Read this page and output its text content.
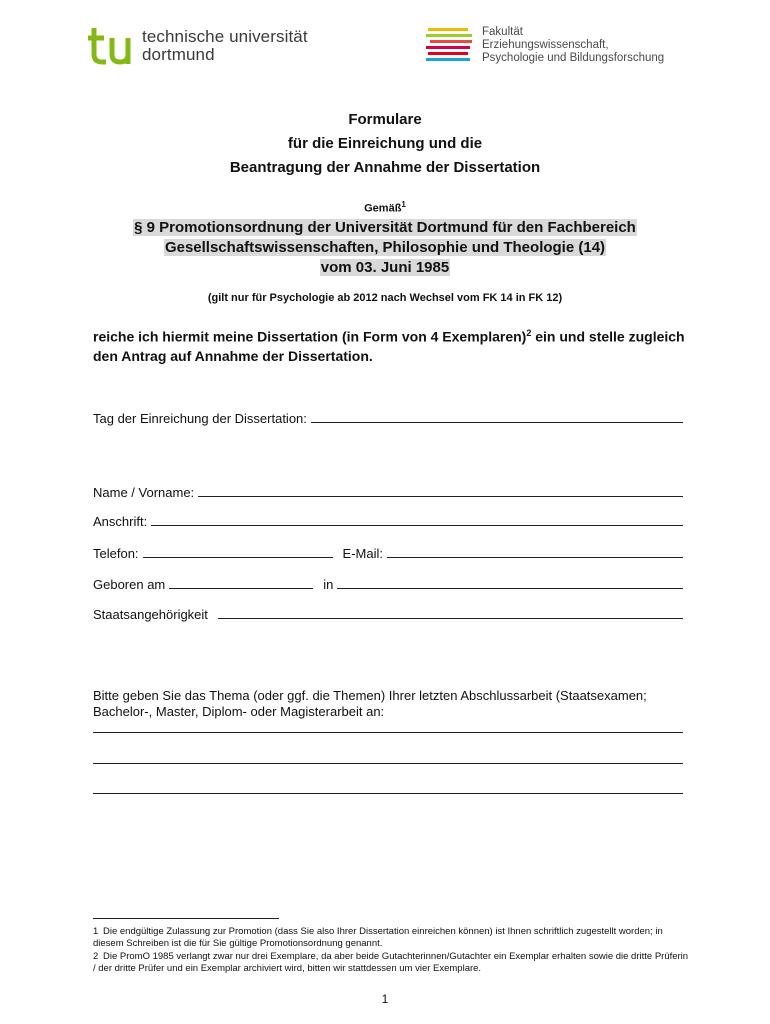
technische universität
dortmund
Fakultät
Erziehungswissenschaft,
Psychologie und Bildungsforschung
Formulare
für die Einreichung und die
Beantragung der Annahme der Dissertation
Gemäß$^1$
§ 9 Promotionsordnung der Universität Dortmund für den Fachbereich
Gesellschaftswissenschaften, Philosophie und Theologie (14)
vom 03. Juni 1985
(gilt nur für Psychologie ab 2012 nach Wechsel vom FK 14 in FK 12)
reiche ich hiermit meine Dissertation (in Form von 4 Exemplaren)$^2$ ein und stelle zugleich den Antrag auf Annahme der Dissertation.
Tag der Einreichung der Dissertation:
Name / Vorname:
Anschrift:
Telefon:	E-Mail:
Geboren am	in
Staatsangehörigkeit
Bitte geben Sie das Thema (oder ggf. die Themen) Ihrer letzten Abschlussarbeit (Staatsexamen; Bachelor-, Master, Diplom- oder Magisterarbeit an:
1 Die endgültige Zulassung zur Promotion (dass Sie also Ihrer Dissertation einreichen können) ist Ihnen schriftlich zugestellt worden; in diesem Schreiben ist die für Sie gültige Promotionsordnung genannt.
2 Die PromO 1985 verlangt zwar nur drei Exemplare, da aber beide Gutachterinnen/Gutachter ein Exemplar erhalten sowie die dritte Prüferin / der dritte Prüfer und ein Exemplar archiviert wird, bitten wir stattdessen um vier Exemplare.
1
